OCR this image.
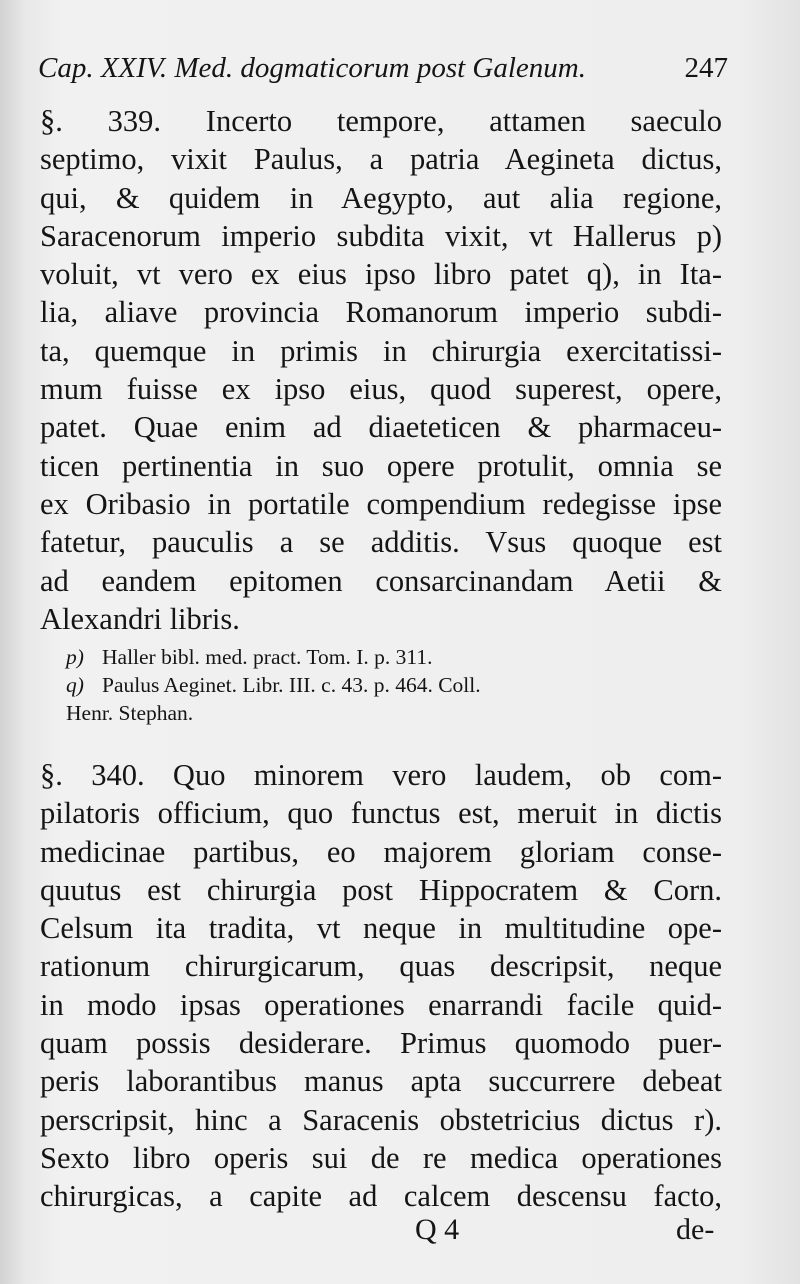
Cap. XXIV. Med. dogmaticorum post Galenum.	247
§. 339. Incerto tempore, attamen saeculo
septimo, vixit Paulus, a patria Aegineta dictus,
qui, & quidem in Aegypto, aut alia regione,
Saracenorum imperio subdita vixit, vt Hallerus p)
voluit, vt vero ex eius ipso libro patet q), in Ita-
lia, aliave provincia Romanorum imperio subdi-
ta, quemque in primis in chirurgia exercitatissi-
mum fuisse ex ipso eius, quod superest, opere,
patet. Quae enim ad diaeteticen & pharmaceu-
ticen pertinentia in suo opere protulit, omnia se
ex Oribasio in portatile compendium redegisse ipse
fatetur, pauculis a se additis. Vsus quoque est
ad eandem epitomen consarcinandam Aetii &
Alexandri libris.
p) Haller bibl. med. pract. Tom. I. p. 311.
q) Paulus Aeginet. Libr. III. c. 43. p. 464. Coll.
Henr. Stephan.
§. 340. Quo minorem vero laudem, ob com-
pilatoris officium, quo functus est, meruit in dictis
medicinae partibus, eo majorem gloriam conse-
quutus est chirurgia post Hippocratem & Corn.
Celsum ita tradita, vt neque in multitudine ope-
rationum chirurgicarum, quas descripsit, neque
in modo ipsas operationes enarrandi facile quid-
quam possis desiderare. Primus quomodo puer-
peris laborantibus manus apta succurrere debeat
perscripsit, hinc a Saracenis obstetricius dictus r).
Sexto libro operis sui de re medica operationes
chirurgicas, a capite ad calcem descensu facto,
Q 4	de-
